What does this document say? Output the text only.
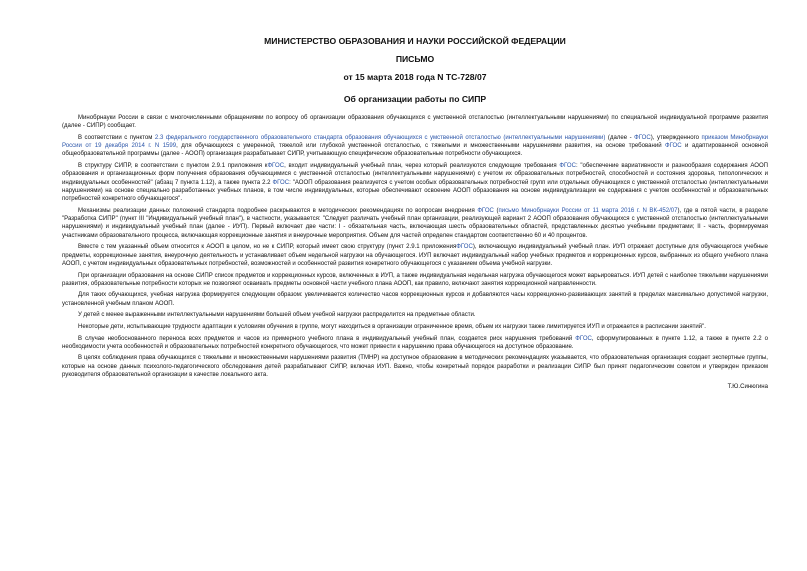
МИНИСТЕРСТВО ОБРАЗОВАНИЯ И НАУКИ РОССИЙСКОЙ ФЕДЕРАЦИИ
ПИСЬМО
от 15 марта 2018 года N ТС-728/07
Об организации работы по СИПР

Минобрнауки России в связи с многочисленными обращениями по вопросу об организации образования обучающихся с умственной отсталостью (интеллектуальными нарушениями) по специальной индивидуальной программе развития (далее - СИПР) сообщает.

В соответствии с пунктом 2.3 федерального государственного образовательного стандарта образования обучающихся с умственной отсталостью (интеллектуальными нарушениями) (далее - ФГОС), утвержденного приказом Минобрнауки России от 19 декабря 2014 г. N 1599, для обучающихся с умеренной, тяжелой или глубокой умственной отсталостью, с тяжелыми и множественными нарушениями развития, на основе требований ФГОС и адаптированной основной общеобразовательной программы (далее - АООП) организация разрабатывает СИПР, учитывающую специфические образовательные потребности обучающихся.

В структуру СИПР, в соответствии с пунктом 2.9.1 приложения кФГОС, входит индивидуальный учебный план, через который реализуются следующие требования ФГОС: "обеспечение вариативности и разнообразия содержания АООП образования и организационных форм получения образования обучающимися с умственной отсталостью (интеллектуальными нарушениями) с учетом их образовательных потребностей, способностей и состояния здоровья, типологических и индивидуальных особенностей" (абзац 7 пункта 1.12), а также пункта 2.2 ФГОС: "АООП образования реализуется с учетом особых образовательных потребностей групп или отдельных обучающихся с умственной отсталостью (интеллектуальными нарушениями) на основе специально разработанных учебных планов, в том числе индивидуальных, которые обеспечивают освоение АООП образования на основе индивидуализации ее содержания с учетом особенностей и образовательных потребностей конкретного обучающегося".

Механизмы реализации данных положений стандарта подробнее раскрываются в методических рекомендациях по вопросам внедрения ФГОС (письмо Минобрнауки России от 11 марта 2016 г. N ВК-452/07), где в пятой части, в разделе "Разработка СИПР" (пункт III "Индивидуальный учебный план"), в частности, указывается: "Следует различать учебный план организации, реализующей вариант 2 АООП образования обучающихся с умственной отсталостью (интеллектуальными нарушениями) и индивидуальный учебный план (далее - ИУП). Первый включает две части: I - обязательная часть, включающая шесть образовательных областей, представленных десятью учебными предметами; II - часть, формируемая участниками образовательного процесса, включающая коррекционные занятия и внеурочные мероприятия. Объем для частей определен стандартом соответственно 60 и 40 процентов.

Вместе с тем указанный объем относится к АООП в целом, но не к СИПР, который имеет свою структуру (пункт 2.9.1 приложенияФГОС), включающую индивидуальный учебный план. ИУП отражает доступные для обучающегося учебные предметы, коррекционные занятия, внеурочную деятельность и устанавливает объем недельной нагрузки на обучающегося. ИУП включает индивидуальный набор учебных предметов и коррекционных курсов, выбранных из общего учебного плана АООП, с учетом индивидуальных образовательных потребностей, возможностей и особенностей развития конкретного обучающегося с указанием объема учебной нагрузки.

При организации образования на основе СИПР список предметов и коррекционных курсов, включенных в ИУП, а также индивидуальная недельная нагрузка обучающегося может варьироваться. ИУП детей с наиболее тяжелыми нарушениями развития, образовательные потребности которых не позволяют осваивать предметы основной части учебного плана АООП, как правило, включают занятия коррекционной направленности.

Для таких обучающихся, учебная нагрузка формируется следующим образом: увеличивается количество часов коррекционных курсов и добавляются часы коррекционно-развивающих занятий в пределах максимально допустимой нагрузки, установленной учебным планом АООП.

У детей с менее выраженными интеллектуальными нарушениями большей объем учебной нагрузки распределится на предметные области.

Некоторые дети, испытывающие трудности адаптации к условиям обучения в группе, могут находиться в организации ограниченное время, объем их нагрузки также лимитируется ИУП и отражается в расписании занятий".

В случае необоснованного переноса всех предметов и часов из примерного учебного плана в индивидуальный учебный план, создается риск нарушения требований ФГОС, сформулированных в пункте 1.12, а также в пункте 2.2 о необходимости учета особенностей и образовательных потребностей конкретного обучающегося, что может привести к нарушению права обучающегося на доступное образование.

В целях соблюдения права обучающихся с тяжелыми и множественными нарушениями развития (ТМНР) на доступное образование в методических рекомендациях указывается, что образовательная организация создает экспертные группы, которые на основе данных психолого-педагогического обследования детей разрабатывают СИПР, включая ИУП. Важно, чтобы конкретный порядок разработки и реализации СИПР был принят педагогическим советом и утвержден приказом руководителя образовательной организации в качестве локального акта.

Т.Ю.Синюгина
